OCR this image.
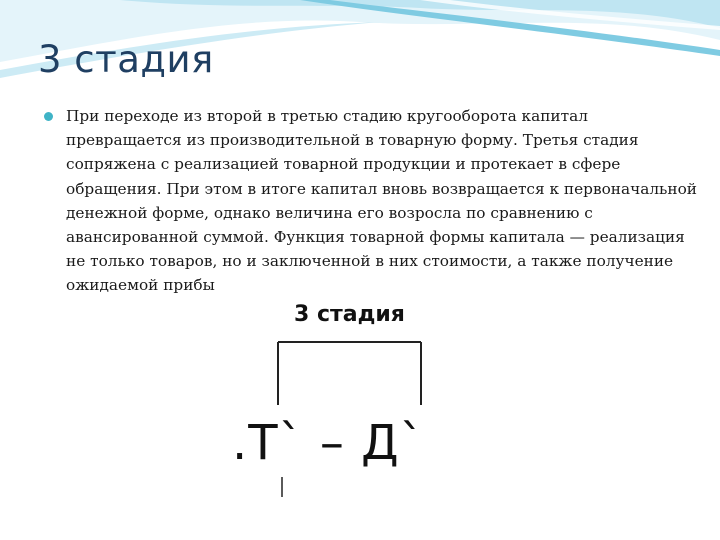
3 стадия
При переходе из второй в третью стадию кругооборота капитал превращается из производительной в товарную форму. Третья стадия сопряжена с реализацией товарной продукции и протекает в сфере обращения. При этом в итоге капитал вновь возвращается к первоначальной денежной форме, однако величина его возросла по сравнению с авансированной суммой. Функция товарной формы капитала — реализация не только товаров, но и заключенной в них стоимости, а также получение ожидаемой прибы
3 стадия
.Т` – Д`
